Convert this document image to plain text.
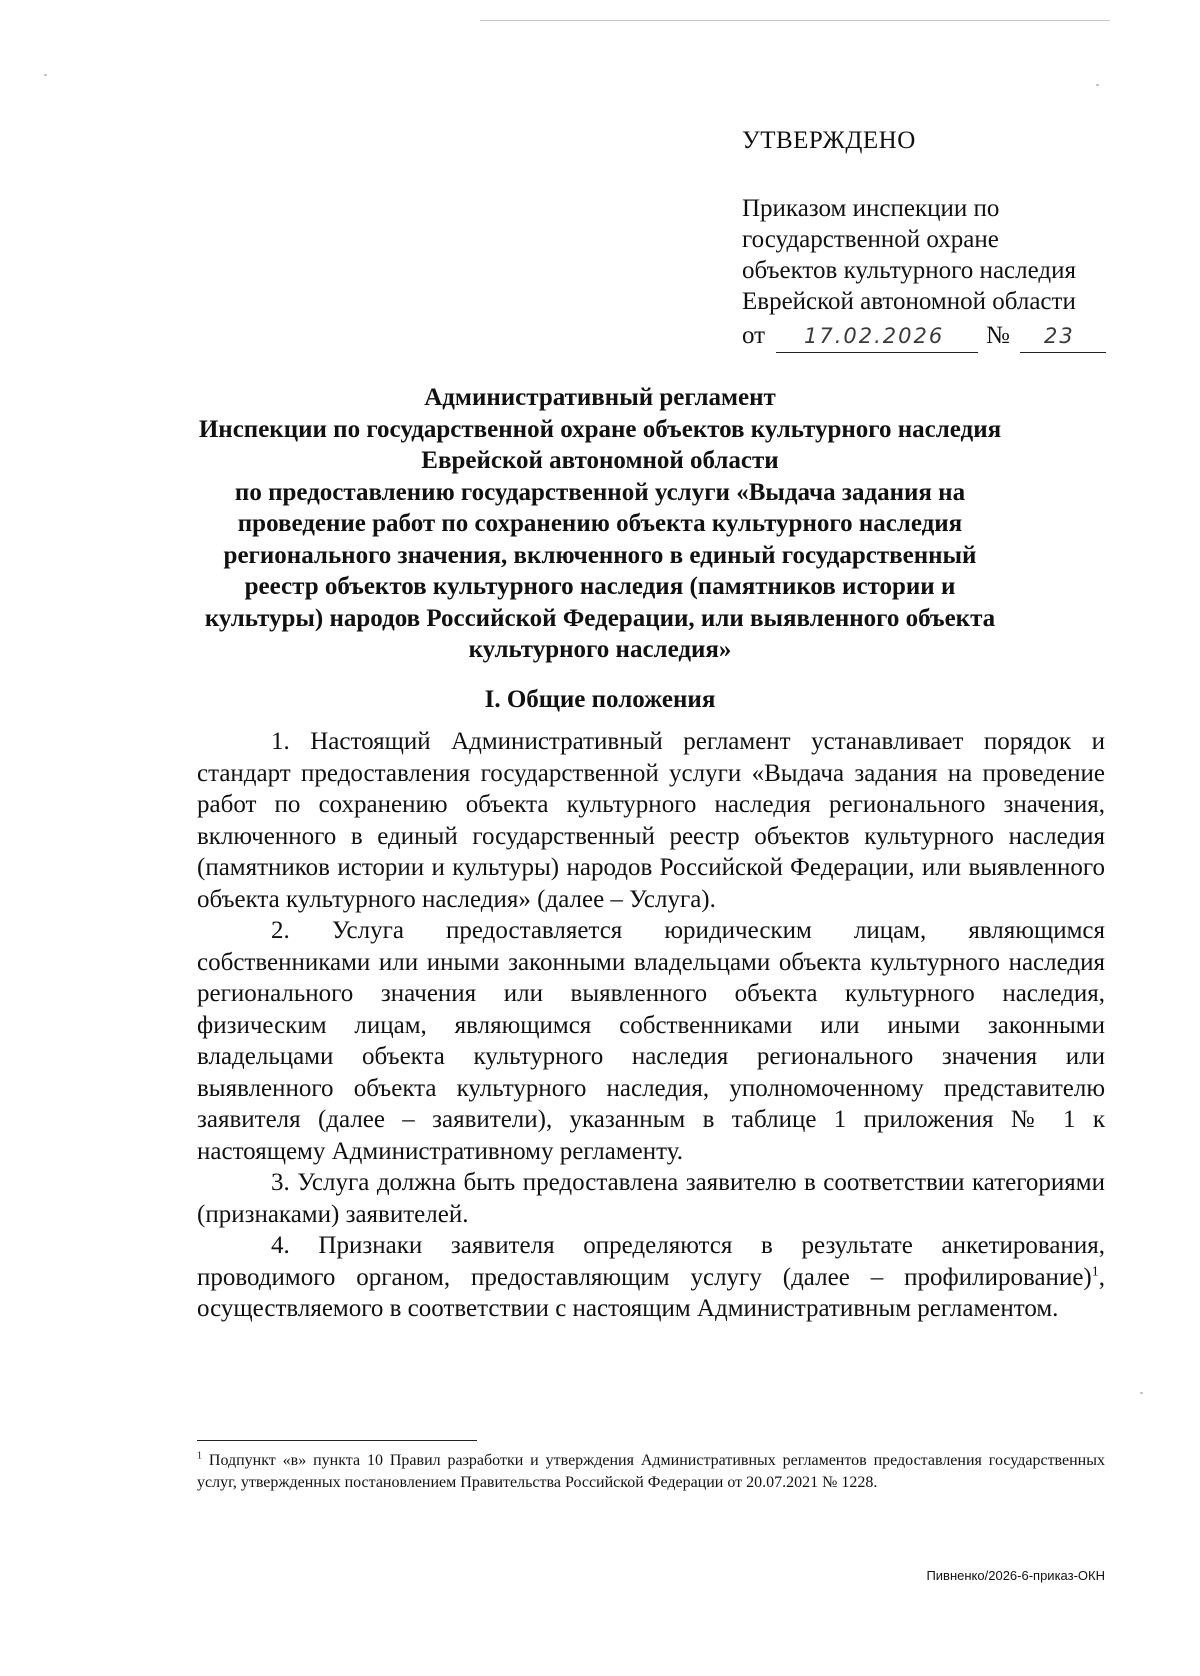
УТВЕРЖДЕНО
Приказом инспекции по
государственной охране
объектов культурного наследия
Еврейской автономной области
от 17.02.2026 № 23
Административный регламент
Инспекции по государственной охране объектов культурного наследия
Еврейской автономной области
по предоставлению государственной услуги «Выдача задания на
проведение работ по сохранению объекта культурного наследия
регионального значения, включенного в единый государственный
реестр объектов культурного наследия (памятников истории и
культуры) народов Российской Федерации, или выявленного объекта
культурного наследия»
I. Общие положения

1. Настоящий Административный регламент устанавливает порядок и стандарт предоставления государственной услуги «Выдача задания на проведение работ по сохранению объекта культурного наследия регионального значения, включенного в единый государственный реестр объектов культурного наследия (памятников истории и культуры) народов Российской Федерации, или выявленного объекта культурного наследия» (далее – Услуга).

2. Услуга предоставляется юридическим лицам, являющимся собственниками или иными законными владельцами объекта культурного наследия регионального значения или выявленного объекта культурного наследия, физическим лицам, являющимся собственниками или иными законными владельцами объекта культурного наследия регионального значения или выявленного объекта культурного наследия, уполномоченному представителю заявителя (далее – заявители), указанным в таблице 1 приложения № 1 к настоящему Административному регламенту.

3. Услуга должна быть предоставлена заявителю в соответствии категориями (признаками) заявителей.

4. Признаки заявителя определяются в результате анкетирования, проводимого органом, предоставляющим услугу (далее – профилирование)$^1$, осуществляемого в соответствии с настоящим Административным регламентом.

$^1$ Подпункт «в» пункта 10 Правил разработки и утверждения Административных регламентов предоставления государственных услуг, утвержденных постановлением Правительства Российской Федерации от 20.07.2021 № 1228.
Пивненко/2026-6-приказ-ОКН
